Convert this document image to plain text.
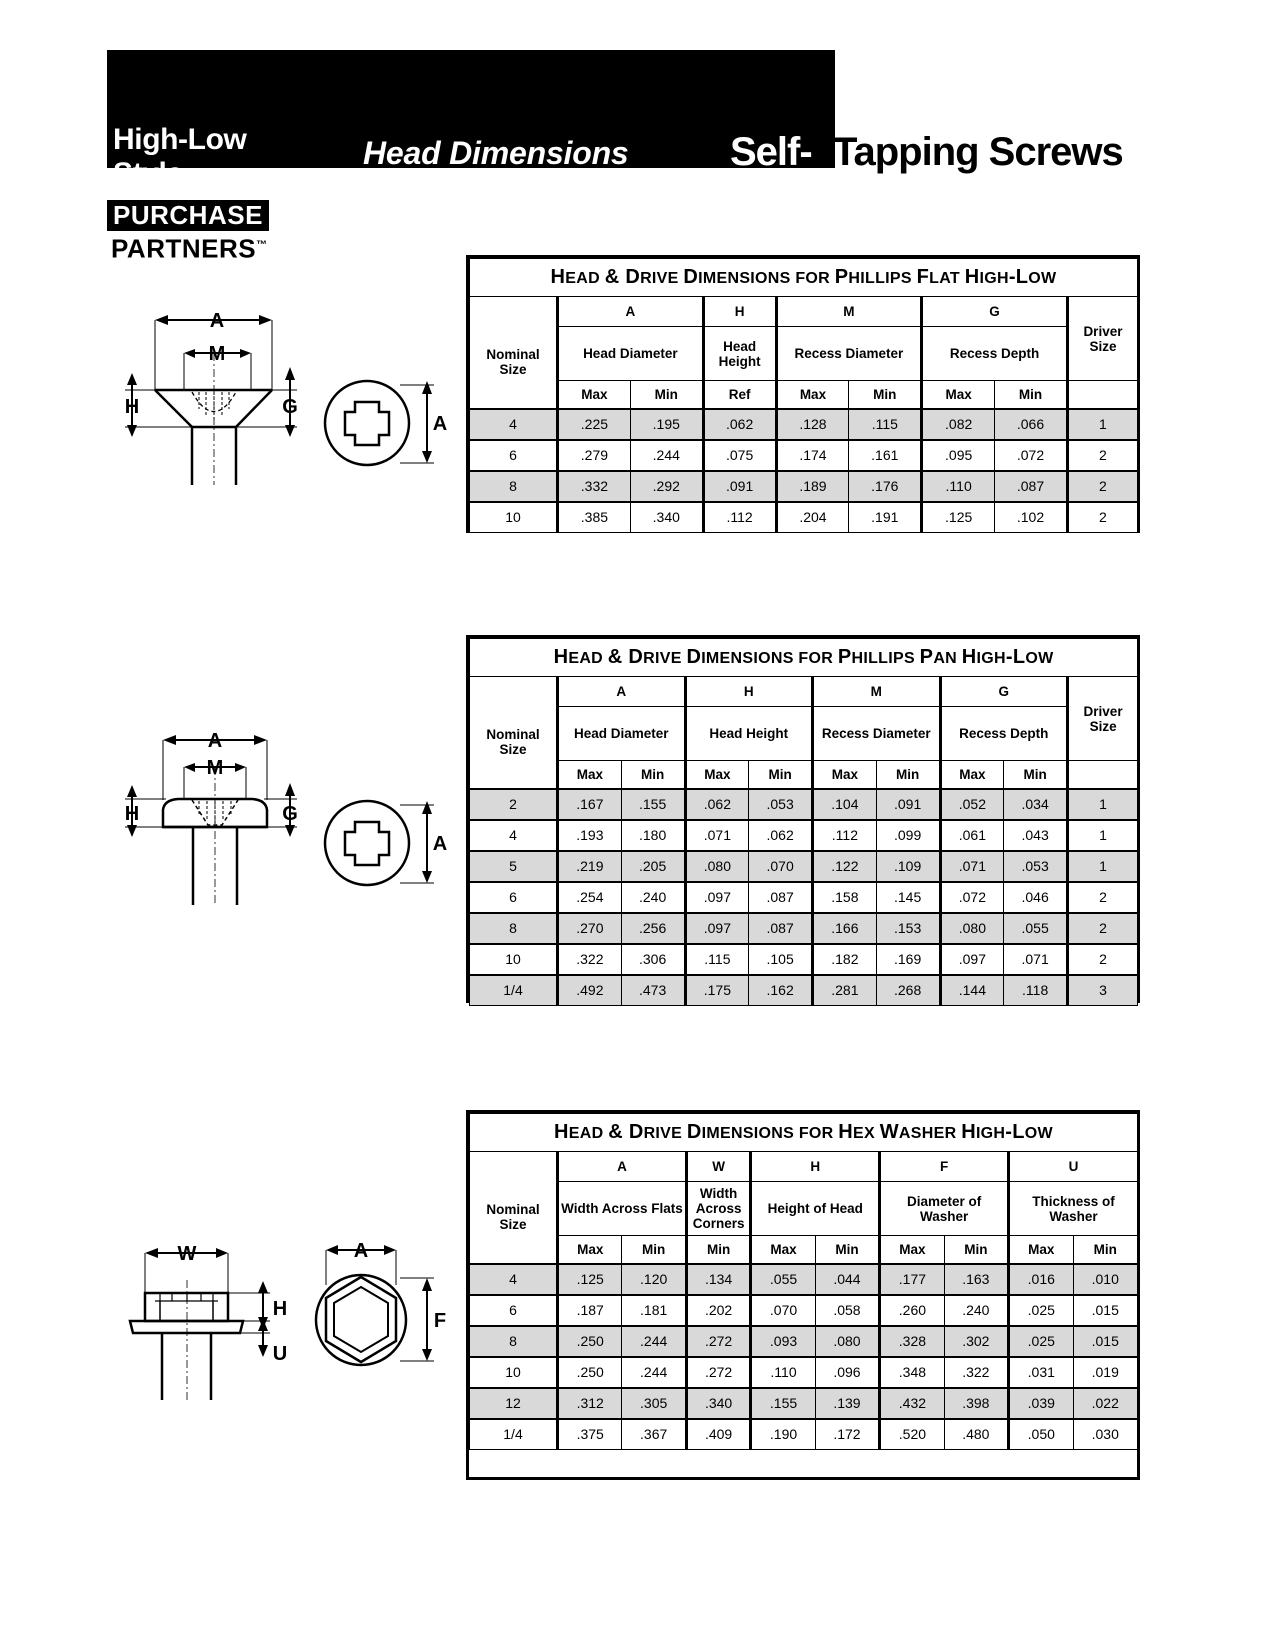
High-Low
Style
Head Dimensions	Self- Tapping Screws
PURCHASE
PARTNERS™
A
M
H	G
A
A
M
H	G
A
W
H
U
A
F
HEAD & DRIVE DIMENSIONS FOR PHILLIPS FLAT HIGH-LOW								
Nominal
Size	A		H	M		G		Driver
Size
	Head Diameter		Head Height	Recess Diameter		Recess Depth		
	Max	Min	Ref	Max	Min	Max	Min	
4	.225	.195	.062	.128	.115	.082	.066	1
6	.279	.244	.075	.174	.161	.095	.072	2
8	.332	.292	.091	.189	.176	.110	.087	2
10	.385	.340	.112	.204	.191	.125	.102	2
HEAD & DRIVE DIMENSIONS FOR PHILLIPS PAN HIGH-LOW									
Nominal
Size	A		H		M		G		Driver
Size
	Head Diameter		Head Height		Recess Diameter		Recess Depth		
	Max	Min	Max	Min	Max	Min	Max	Min	
2	.167	.155	.062	.053	.104	.091	.052	.034	1
4	.193	.180	.071	.062	.112	.099	.061	.043	1
5	.219	.205	.080	.070	.122	.109	.071	.053	1
6	.254	.240	.097	.087	.158	.145	.072	.046	2
8	.270	.256	.097	.087	.166	.153	.080	.055	2
10	.322	.306	.115	.105	.182	.169	.097	.071	2
1/4	.492	.473	.175	.162	.281	.268	.144	.118	3
HEAD & DRIVE DIMENSIONS FOR HEX WASHER HIGH-LOW									
Nominal
Size	A		W	H		F		U	
	Width Across Flats		Width Across Corners	Height of Head		Diameter of Washer		Thickness of Washer	
	Max	Min	Min	Max	Min	Max	Min	Max	Min
4	.125	.120	.134	.055	.044	.177	.163	.016	.010
6	.187	.181	.202	.070	.058	.260	.240	.025	.015
8	.250	.244	.272	.093	.080	.328	.302	.025	.015
10	.250	.244	.272	.110	.096	.348	.322	.031	.019
12	.312	.305	.340	.155	.139	.432	.398	.039	.022
1/4	.375	.367	.409	.190	.172	.520	.480	.050	.030
